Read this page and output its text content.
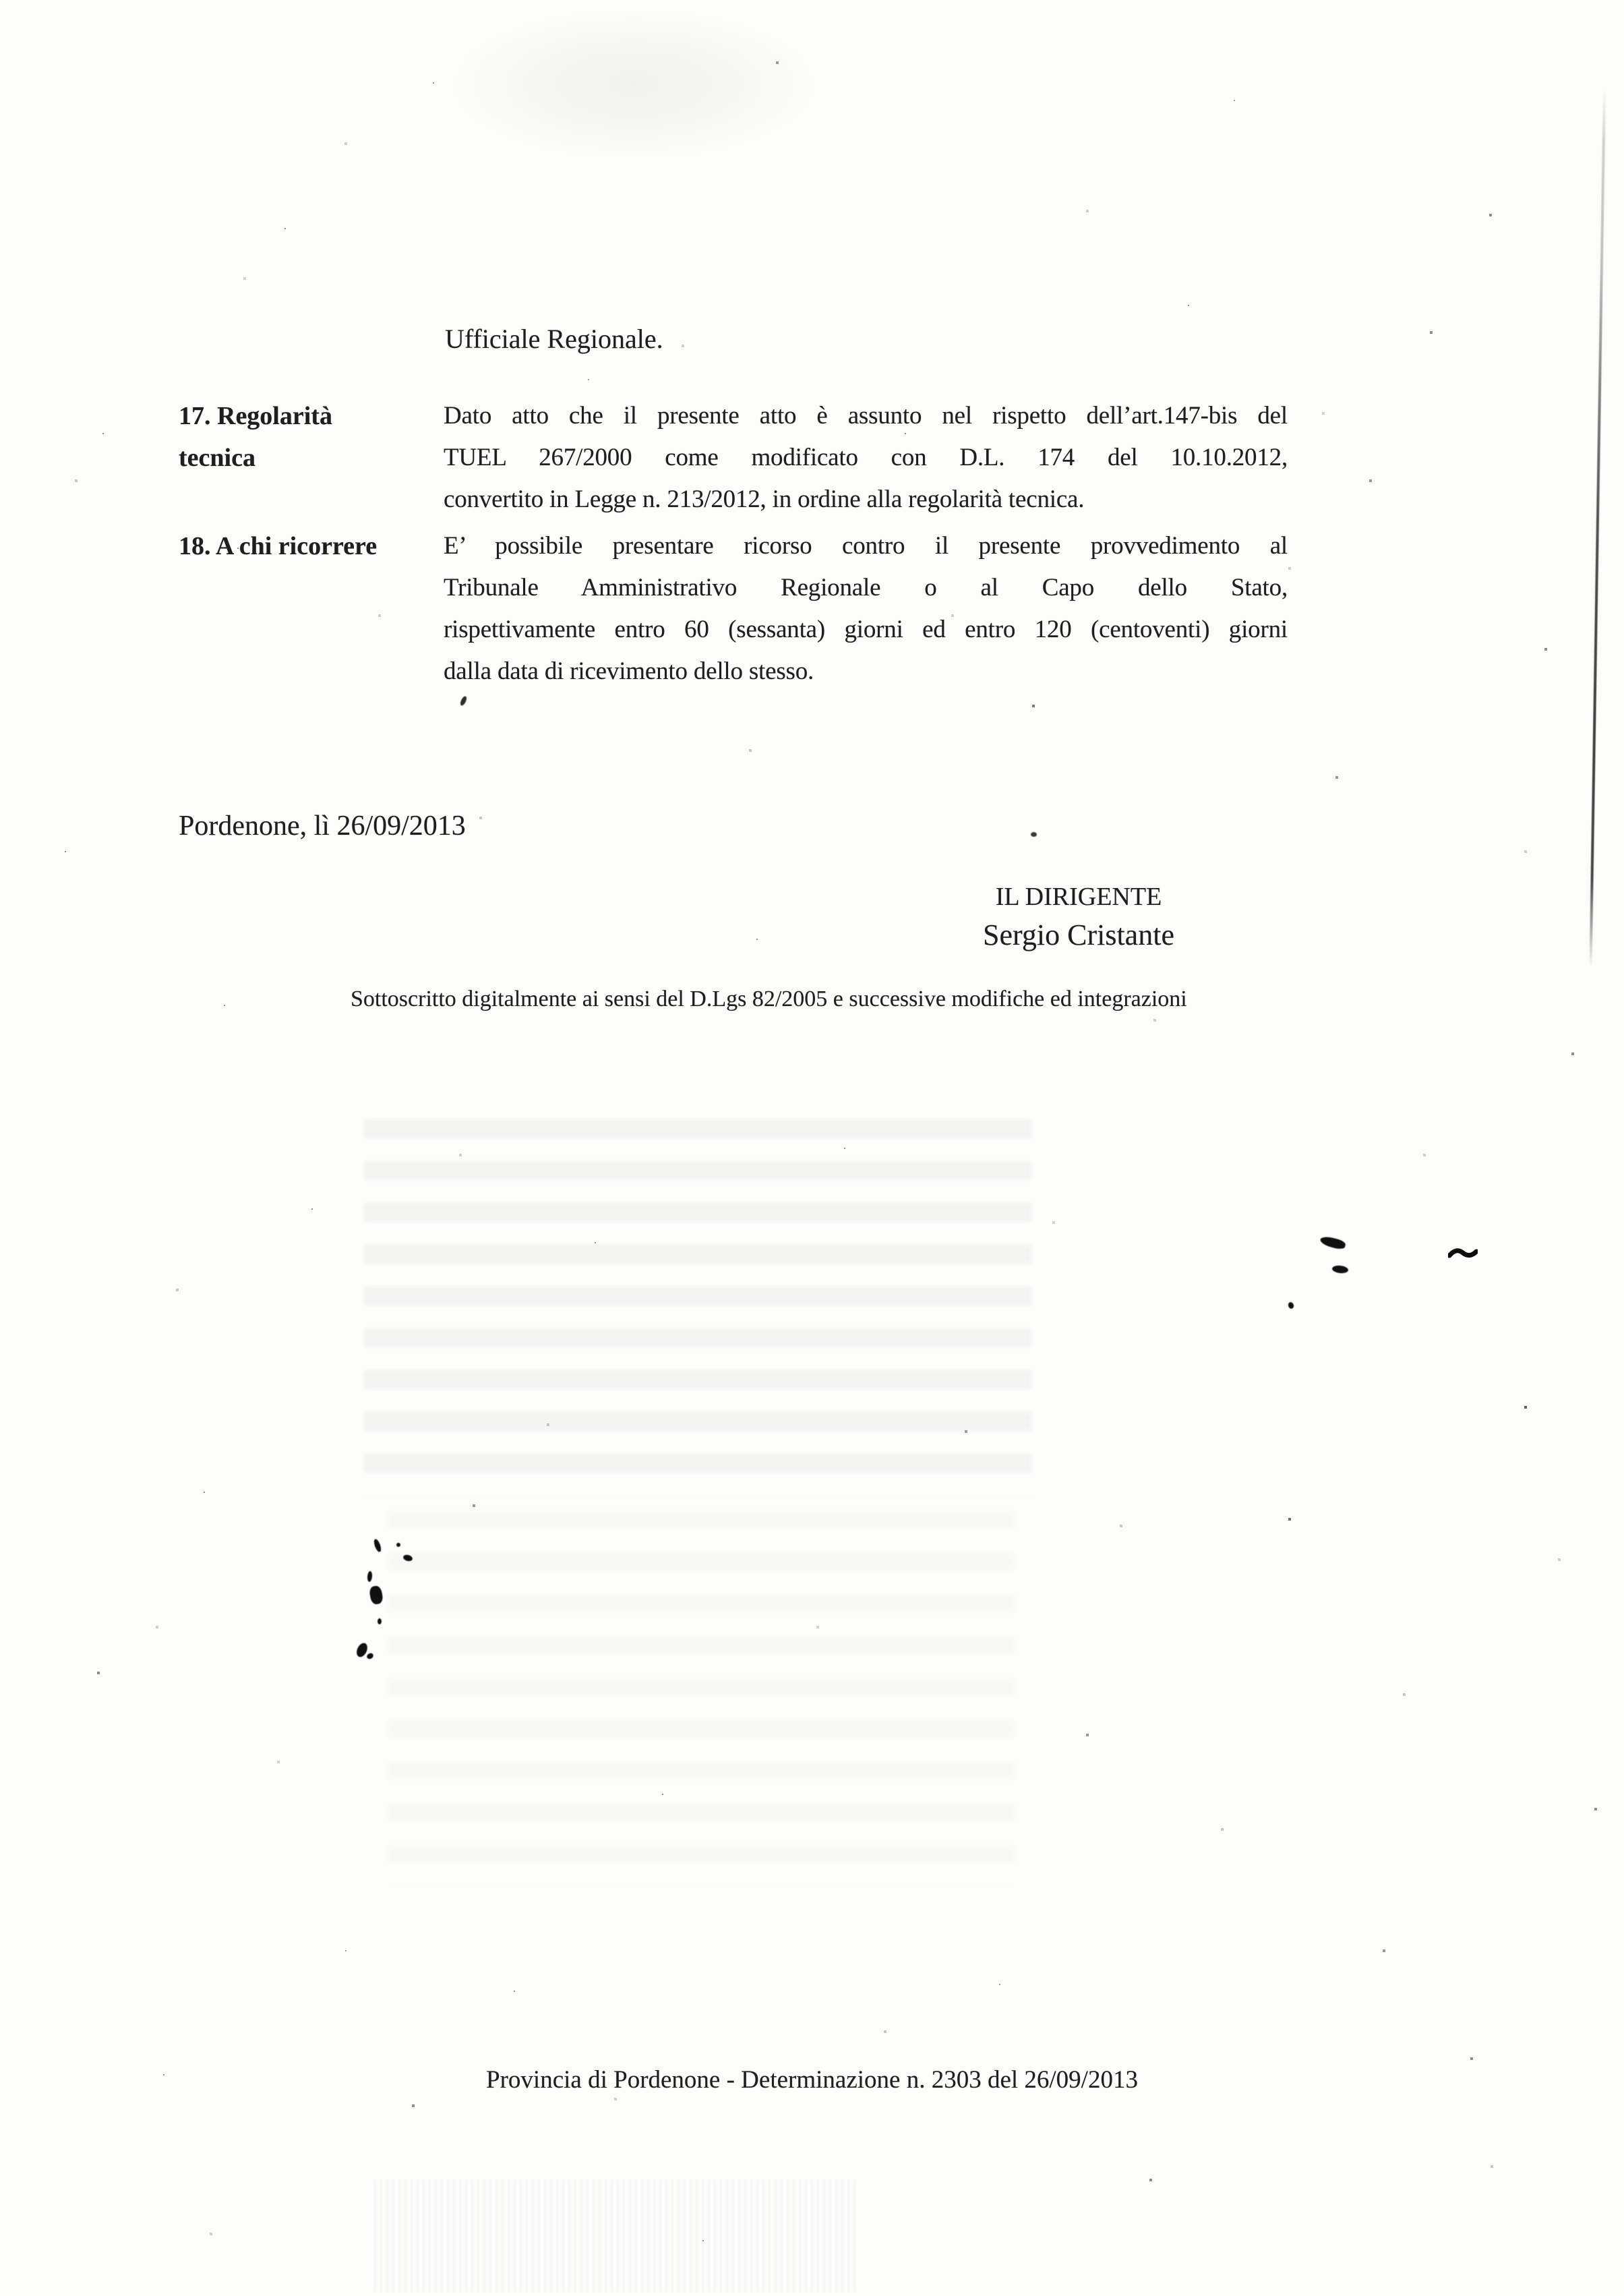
Ufficiale Regionale.
17. Regolarità tecnica
Dato atto che il presente atto è assunto nel rispetto dell’art.147-bis del
TUEL 267/2000 come modificato con D.L. 174 del 10.10.2012,
convertito in Legge n. 213/2012, in ordine alla regolarità tecnica.
18. A chi ricorrere	E’ possibile presentare ricorso contro il presente provvedimento al
Tribunale Amministrativo Regionale o al Capo dello Stato,
rispettivamente entro 60 (sessanta) giorni ed entro 120 (centoventi) giorni
dalla data di ricevimento dello stesso.
Pordenone, lì 26/09/2013
IL DIRIGENTE
Sergio Cristante
Sottoscritto digitalmente ai sensi del D.Lgs 82/2005 e successive modifiche ed integrazioni
Provincia di Pordenone - Determinazione n. 2303 del 26/09/2013
